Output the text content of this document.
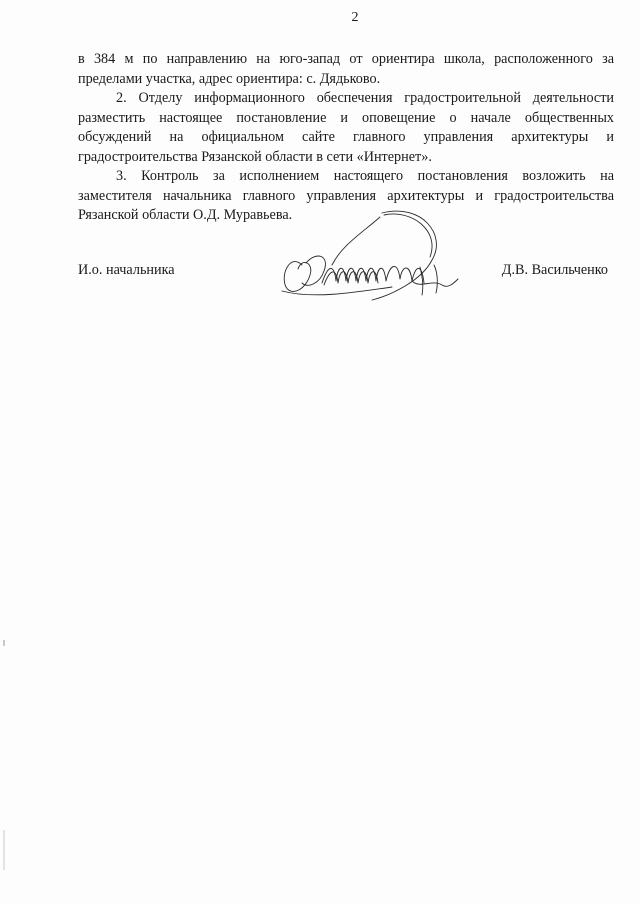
2

в 384 м по направлению на юго-запад от ориентира школа, расположенного за пределами участка, адрес ориентира: с. Дядьково.

2. Отделу информационного обеспечения градостроительной деятельности разместить настоящее постановление и оповещение о начале общественных обсуждений на официальном сайте главного управления архитектуры и градостроительства Рязанской области в сети «Интернет».

3. Контроль за исполнением настоящего постановления возложить на заместителя начальника главного управления архитектуры и градостроительства Рязанской области О.Д. Муравьева.

И.о. начальника	Д.В. Васильченко
